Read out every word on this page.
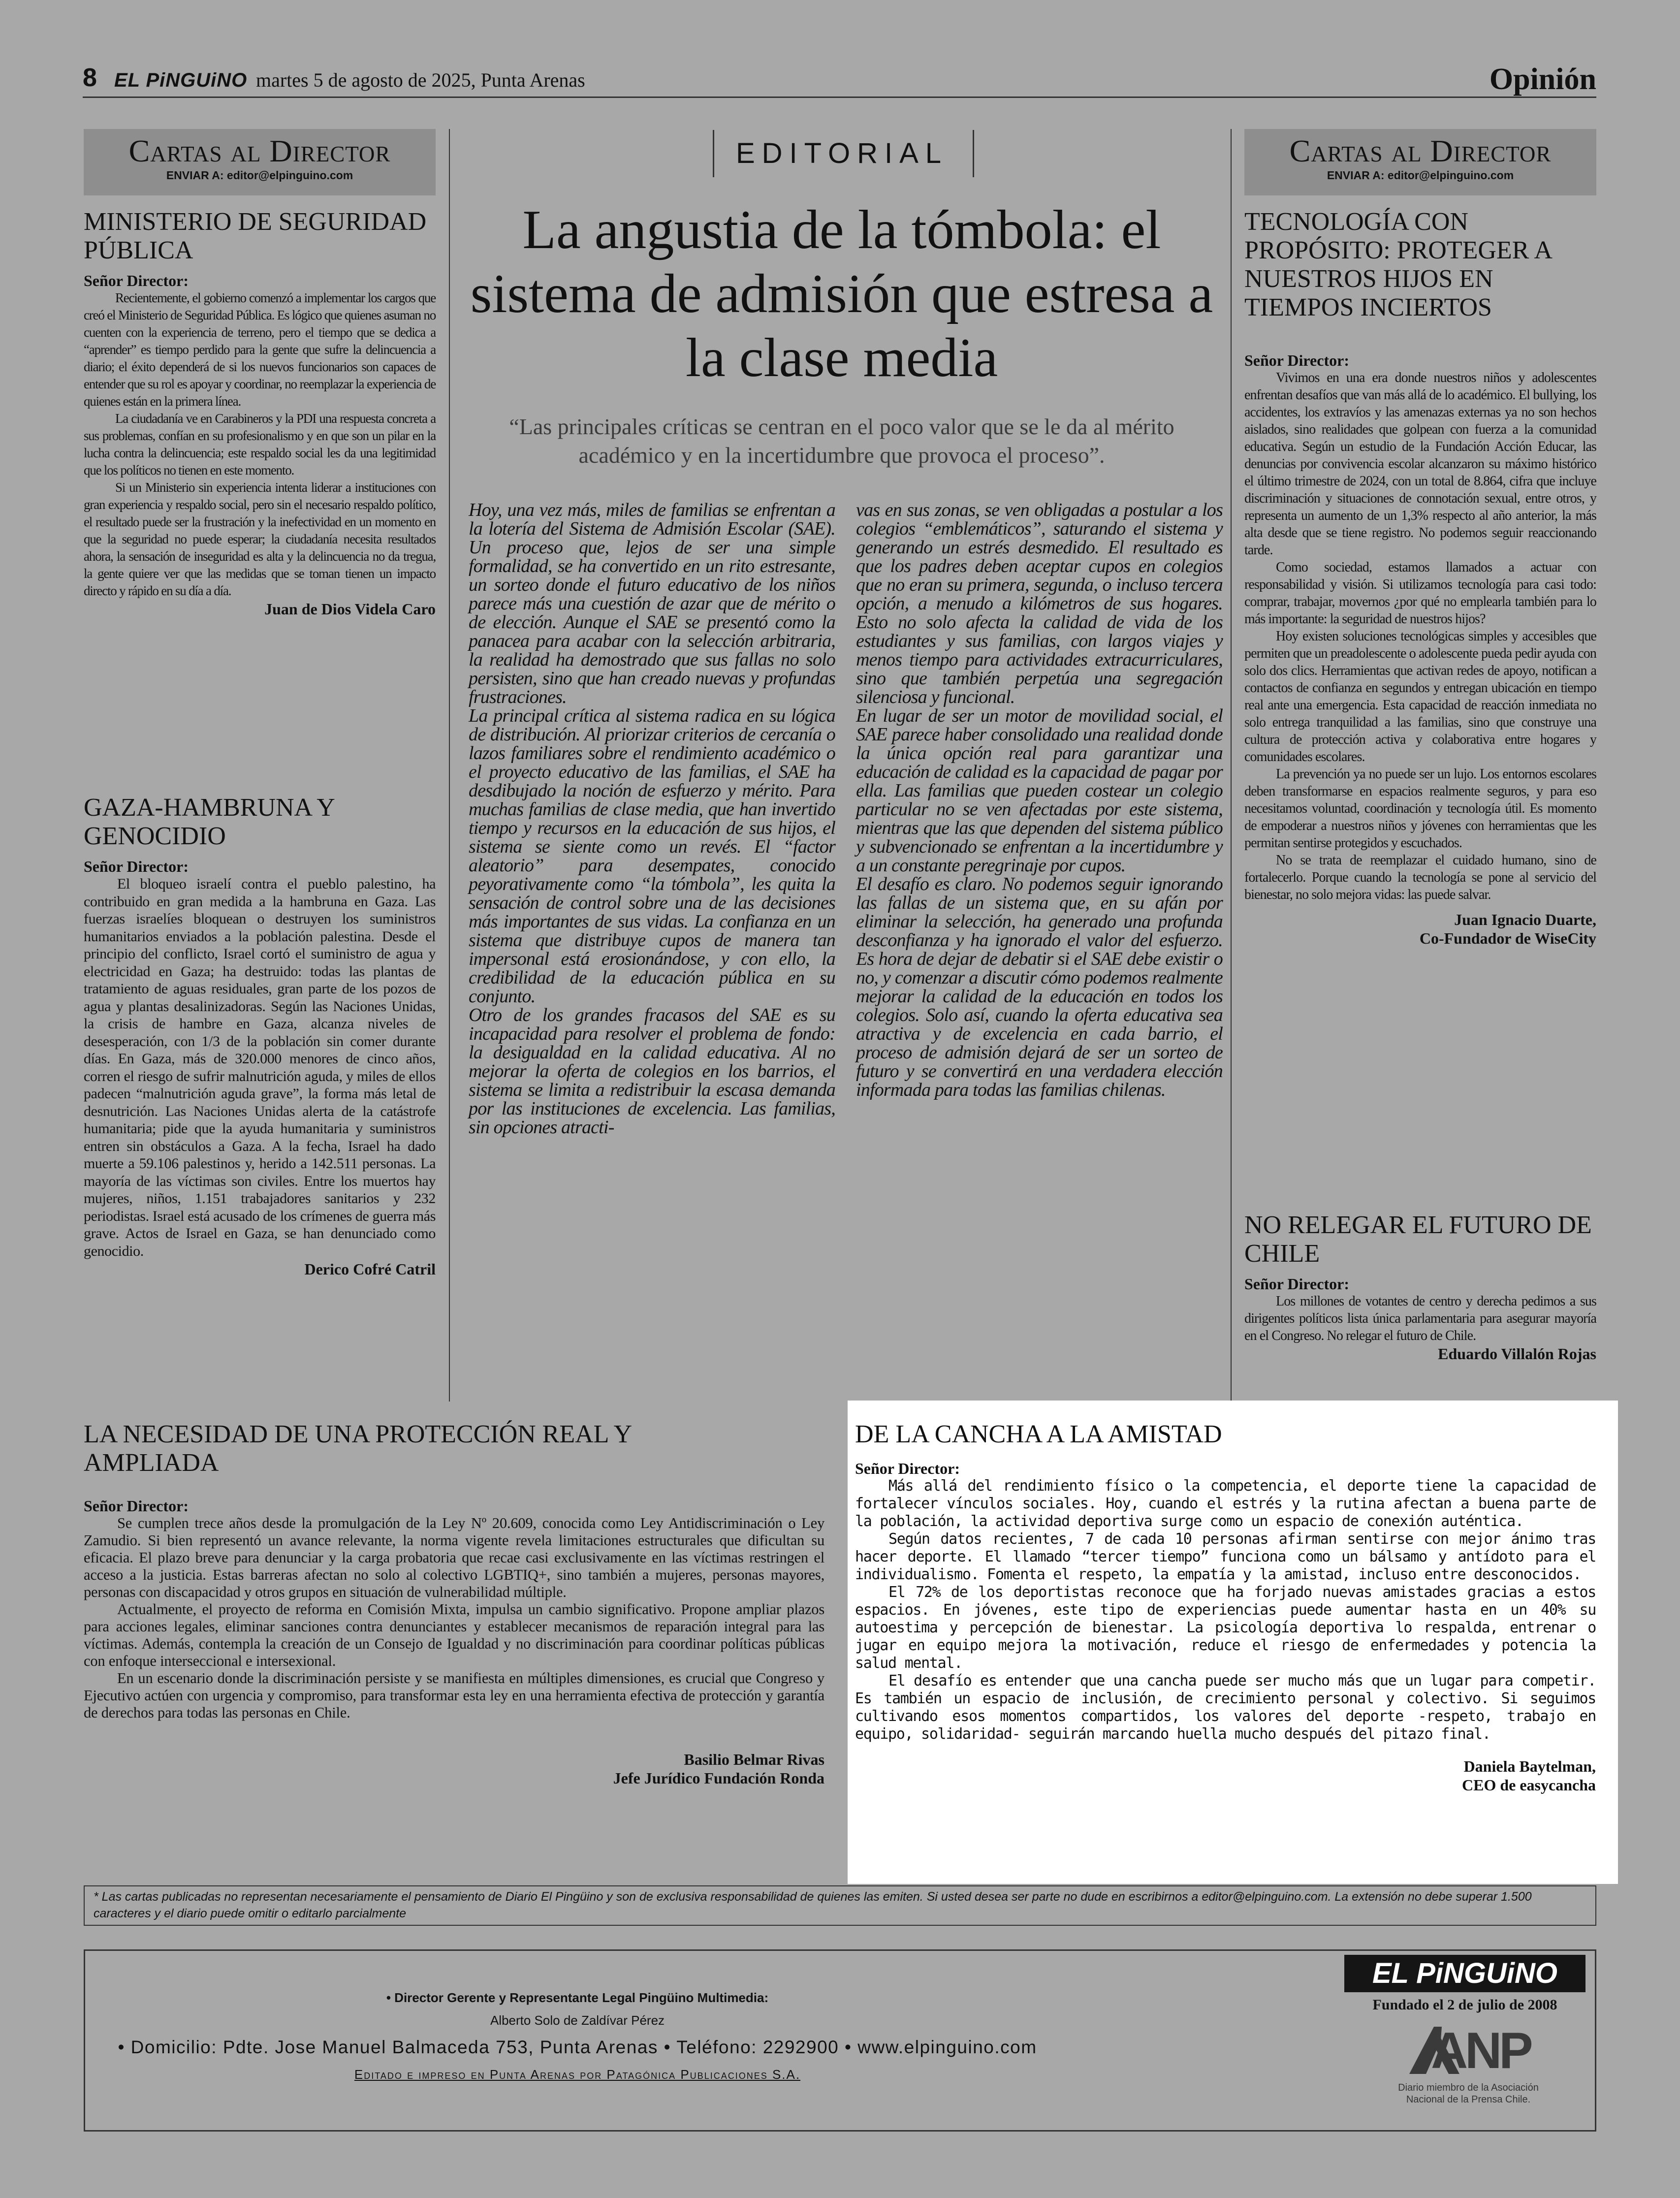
8 EL PiNGUiNO martes 5 de agosto de 2025, Punta Arenas	Opinión
Cartas al Director
ENVIAR A: editor@elpinguino.com
MINISTERIO DE SEGURIDAD PÚBLICA
Señor Director:

Recientemente, el gobierno comenzó a implementar los cargos que creó el Ministerio de Seguridad Pública. Es lógico que quienes asuman no cuenten con la experiencia de terreno, pero el tiempo que se dedica a “aprender” es tiempo perdido para la gente que sufre la delincuencia a diario; el éxito dependerá de si los nuevos funcionarios son capaces de entender que su rol es apoyar y coordinar, no reemplazar la experiencia de quienes están en la primera línea.

La ciudadanía ve en Carabineros y la PDI una respuesta concreta a sus problemas, confían en su profesionalismo y en que son un pilar en la lucha contra la delincuencia; este respaldo social les da una legitimidad que los políticos no tienen en este momento.

Si un Ministerio sin experiencia intenta liderar a instituciones con gran experiencia y respaldo social, pero sin el necesario respaldo político, el resultado puede ser la frustración y la inefectividad en un momento en que la seguridad no puede esperar; la ciudadanía necesita resultados ahora, la sensación de inseguridad es alta y la delincuencia no da tregua, la gente quiere ver que las medidas que se toman tienen un impacto directo y rápido en su día a día.

Juan de Dios Videla Caro
GAZA-HAMBRUNA Y GENOCIDIO
Señor Director:

El bloqueo israelí contra el pueblo palestino, ha contribuido en gran medida a la hambruna en Gaza. Las fuerzas israelíes bloquean o destruyen los suministros humanitarios enviados a la población palestina. Desde el principio del conflicto, Israel cortó el suministro de agua y electricidad en Gaza; ha destruido: todas las plantas de tratamiento de aguas residuales, gran parte de los pozos de agua y plantas desalinizadoras. Según las Naciones Unidas, la crisis de hambre en Gaza, alcanza niveles de desesperación, con 1/3 de la población sin comer durante días. En Gaza, más de 320.000 menores de cinco años, corren el riesgo de sufrir malnutrición aguda, y miles de ellos padecen “malnutrición aguda grave”, la forma más letal de desnutrición. Las Naciones Unidas alerta de la catástrofe humanitaria; pide que la ayuda humanitaria y suministros entren sin obstáculos a Gaza. A la fecha, Israel ha dado muerte a 59.106 palestinos y, herido a 142.511 personas. La mayoría de las víctimas son civiles. Entre los muertos hay mujeres, niños, 1.151 trabajadores sanitarios y 232 periodistas. Israel está acusado de los crímenes de guerra más grave. Actos de Israel en Gaza, se han denunciado como genocidio.

Derico Cofré Catril
EDITORIAL
La angustia de la tómbola: el sistema de admisión que estresa a la clase media
“Las principales críticas se centran en el poco valor que se le da al mérito académico y en la incertidumbre que provoca el proceso”.

Hoy, una vez más, miles de familias se enfrentan a la lotería del Sistema de Admisión Escolar (SAE). Un proceso que, lejos de ser una simple formalidad, se ha convertido en un rito estresante, un sorteo donde el futuro educativo de los niños parece más una cuestión de azar que de mérito o de elección. Aunque el SAE se presentó como la panacea para acabar con la selección arbitraria, la realidad ha demostrado que sus fallas no solo persisten, sino que han creado nuevas y profundas frustraciones.

La principal crítica al sistema radica en su lógica de distribución. Al priorizar criterios de cercanía o lazos familiares sobre el rendimiento académico o el proyecto educativo de las familias, el SAE ha desdibujado la noción de esfuerzo y mérito. Para muchas familias de clase media, que han invertido tiempo y recursos en la educación de sus hijos, el sistema se siente como un revés. El “factor aleatorio” para desempates, conocido peyorativamente como “la tómbola”, les quita la sensación de control sobre una de las decisiones más importantes de sus vidas. La confianza en un sistema que distribuye cupos de manera tan impersonal está erosionándose, y con ello, la credibilidad de la educación pública en su conjunto.

Otro de los grandes fracasos del SAE es su incapacidad para resolver el problema de fondo: la desigualdad en la calidad educativa. Al no mejorar la oferta de colegios en los barrios, el sistema se limita a redistribuir la escasa demanda por las instituciones de excelencia. Las familias, sin opciones atracti-

vas en sus zonas, se ven obligadas a postular a los colegios “emblemáticos”, saturando el sistema y generando un estrés desmedido. El resultado es que los padres deben aceptar cupos en colegios que no eran su primera, segunda, o incluso tercera opción, a menudo a kilómetros de sus hogares. Esto no solo afecta la calidad de vida de los estudiantes y sus familias, con largos viajes y menos tiempo para actividades extracurriculares, sino que también perpetúa una segregación silenciosa y funcional.

En lugar de ser un motor de movilidad social, el SAE parece haber consolidado una realidad donde la única opción real para garantizar una educación de calidad es la capacidad de pagar por ella. Las familias que pueden costear un colegio particular no se ven afectadas por este sistema, mientras que las que dependen del sistema público y subvencionado se enfrentan a la incertidumbre y a un constante peregrinaje por cupos.

El desafío es claro. No podemos seguir ignorando las fallas de un sistema que, en su afán por eliminar la selección, ha generado una profunda desconfianza y ha ignorado el valor del esfuerzo. Es hora de dejar de debatir si el SAE debe existir o no, y comenzar a discutir cómo podemos realmente mejorar la calidad de la educación en todos los colegios. Solo así, cuando la oferta educativa sea atractiva y de excelencia en cada barrio, el proceso de admisión dejará de ser un sorteo de futuro y se convertirá en una verdadera elección informada para todas las familias chilenas.

Cartas al Director
ENVIAR A: editor@elpinguino.com
TECNOLOGÍA CON PROPÓSITO: PROTEGER A NUESTROS HIJOS EN TIEMPOS INCIERTOS
Señor Director:

Vivimos en una era donde nuestros niños y adolescentes enfrentan desafíos que van más allá de lo académico. El bullying, los accidentes, los extravíos y las amenazas externas ya no son hechos aislados, sino realidades que golpean con fuerza a la comunidad educativa. Según un estudio de la Fundación Acción Educar, las denuncias por convivencia escolar alcanzaron su máximo histórico el último trimestre de 2024, con un total de 8.864, cifra que incluye discriminación y situaciones de connotación sexual, entre otros, y representa un aumento de un 1,3% respecto al año anterior, la más alta desde que se tiene registro. No podemos seguir reaccionando tarde.

Como sociedad, estamos llamados a actuar con responsabilidad y visión. Si utilizamos tecnología para casi todo: comprar, trabajar, movernos ¿por qué no emplearla también para lo más importante: la seguridad de nuestros hijos?

Hoy existen soluciones tecnológicas simples y accesibles que permiten que un preadolescente o adolescente pueda pedir ayuda con solo dos clics. Herramientas que activan redes de apoyo, notifican a contactos de confianza en segundos y entregan ubicación en tiempo real ante una emergencia. Esta capacidad de reacción inmediata no solo entrega tranquilidad a las familias, sino que construye una cultura de protección activa y colaborativa entre hogares y comunidades escolares.

La prevención ya no puede ser un lujo. Los entornos escolares deben transformarse en espacios realmente seguros, y para eso necesitamos voluntad, coordinación y tecnología útil. Es momento de empoderar a nuestros niños y jóvenes con herramientas que les permitan sentirse protegidos y escuchados.

No se trata de reemplazar el cuidado humano, sino de fortalecerlo. Porque cuando la tecnología se pone al servicio del bienestar, no solo mejora vidas: las puede salvar.

Juan Ignacio Duarte,
Co-Fundador de WiseCity
NO RELEGAR EL FUTURO DE CHILE
Señor Director:

Los millones de votantes de centro y derecha pedimos a sus dirigentes políticos lista única parlamentaria para asegurar mayoría en el Congreso. No relegar el futuro de Chile.

Eduardo Villalón Rojas
LA NECESIDAD DE UNA PROTECCIÓN REAL Y AMPLIADA
Señor Director:

Se cumplen trece años desde la promulgación de la Ley Nº 20.609, conocida como Ley Antidiscriminación o Ley Zamudio. Si bien representó un avance relevante, la norma vigente revela limitaciones estructurales que dificultan su eficacia. El plazo breve para denunciar y la carga probatoria que recae casi exclusivamente en las víctimas restringen el acceso a la justicia. Estas barreras afectan no solo al colectivo LGBTIQ+, sino también a mujeres, personas mayores, personas con discapacidad y otros grupos en situación de vulnerabilidad múltiple.

Actualmente, el proyecto de reforma en Comisión Mixta, impulsa un cambio significativo. Propone ampliar plazos para acciones legales, eliminar sanciones contra denunciantes y establecer mecanismos de reparación integral para las víctimas. Además, contempla la creación de un Consejo de Igualdad y no discriminación para coordinar políticas públicas con enfoque interseccional e intersexional.

En un escenario donde la discriminación persiste y se manifiesta en múltiples dimensiones, es crucial que Congreso y Ejecutivo actúen con urgencia y compromiso, para transformar esta ley en una herramienta efectiva de protección y garantía de derechos para todas las personas en Chile.

Basilio Belmar Rivas
Jefe Jurídico Fundación Ronda
DE LA CANCHA A LA AMISTAD
Señor Director:

Más allá del rendimiento físico o la competencia, el deporte tiene la capacidad de fortalecer vínculos sociales. Hoy, cuando el estrés y la rutina afectan a buena parte de la población, la actividad deportiva surge como un espacio de conexión auténtica.

Según datos recientes, 7 de cada 10 personas afirman sentirse con mejor ánimo tras hacer deporte. El llamado “tercer tiempo” funciona como un bálsamo y antídoto para el individualismo. Fomenta el respeto, la empatía y la amistad, incluso entre desconocidos.

El 72% de los deportistas reconoce que ha forjado nuevas amistades gracias a estos espacios. En jóvenes, este tipo de experiencias puede aumentar hasta en un 40% su autoestima y percepción de bienestar. La psicología deportiva lo respalda, entrenar o jugar en equipo mejora la motivación, reduce el riesgo de enfermedades y potencia la salud mental.

El desafío es entender que una cancha puede ser mucho más que un lugar para competir. Es también un espacio de inclusión, de crecimiento personal y colectivo. Si seguimos cultivando esos momentos compartidos, los valores del deporte -respeto, trabajo en equipo, solidaridad- seguirán marcando huella mucho después del pitazo final.

Daniela Baytelman,
CEO de easycancha
* Las cartas publicadas no representan necesariamente el pensamiento de Diario El Pingüino y son de exclusiva responsabilidad de quienes las emiten. Si usted desea ser parte no dude en escribirnos a editor@elpinguino.com. La extensión no debe superar 1.500 caracteres y el diario puede omitir o editarlo parcialmente
• Director Gerente y Representante Legal Pingüino Multimedia:
Alberto Solo de Zaldívar Pérez
• Domicilio: Pdte. Jose Manuel Balmaceda 753, Punta Arenas • Teléfono: 2292900 • www.elpinguino.com
Editado e impreso en Punta Arenas por Patagónica Publicaciones S.A.
EL PiNGUiNO
Fundado el 2 de julio de 2008
ANP
Diario miembro de la Asociación Nacional de la Prensa Chile.
